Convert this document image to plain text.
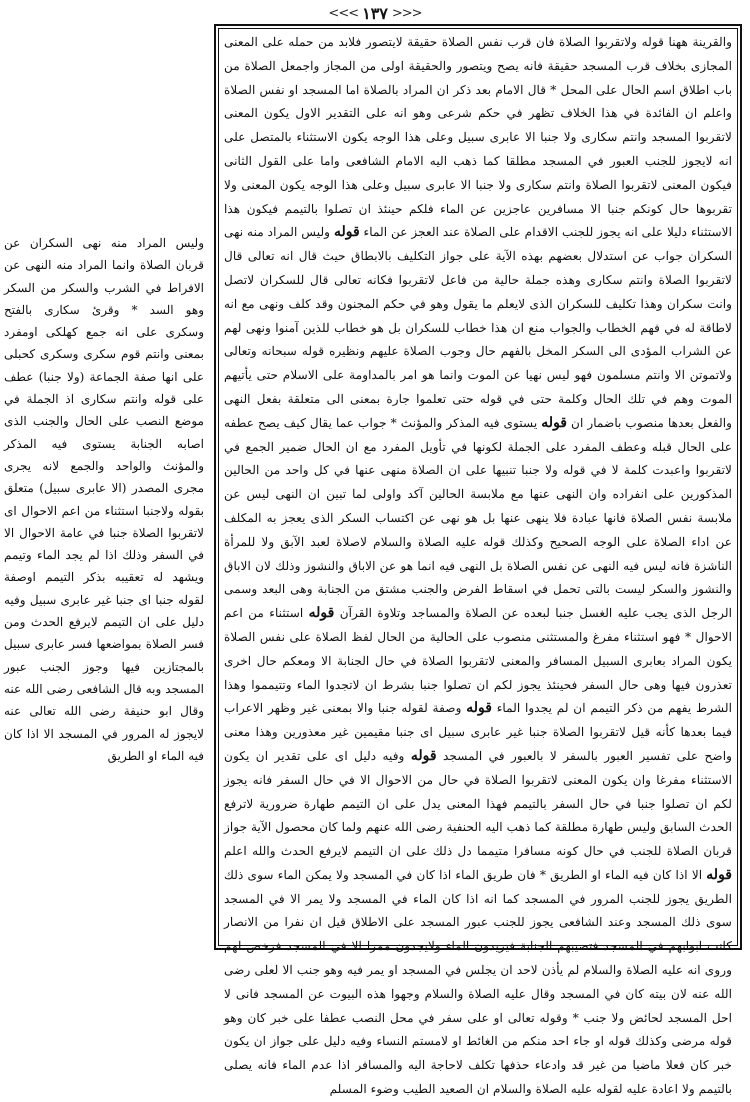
<<< ١٣٧ >>>

والقرينة ههنا قوله ولاتقربوا الصلاة فان قرب نفس الصلاة حقيقة لايتصور فلابد من حمله على المعنى المجازى بخلاف قرب المسجد حقيقة فانه يصح ويتصور والحقيقة اولى من المجاز واجمعل الصلاة من باب اطلاق اسم الحال على المحل * قال الامام بعد ذكر ان المراد بالصلاة اما المسجد او نفس الصلاة واعلم ان الفائدة في هذا الخلاف تظهر في حكم شرعى وهو انه على التقدير الاول يكون المعنى لاتقربوا المسجد وانتم سكارى ولا جنبا الا عابرى سبيل وعلى هذا الوجه يكون الاستثناء بالمتصل على انه لايجوز للجنب العبور في المسجد مطلقا كما ذهب اليه الامام الشافعى واما على القول الثانى فيكون المعنى لاتقربوا الصلاة وانتم سكارى ولا جنبا الا عابرى سبيل وعلى هذا الوجه يكون المعنى ولا تقربوها حال كونكم جنبا الا مسافرين عاجزين عن الماء فلكم حينئذ ان تصلوا بالتيمم فيكون هذا الاستثناء دليلا على انه يجوز للجنب الاقدام على الصلاة عند العجز عن الماء قوله وليس المراد منه نهى السكران جواب عن استدلال بعضهم بهذه الآية على جواز التكليف بالابطاق حيث قال انه تعالى قال لاتقربوا الصلاة وانتم سكارى وهذه جملة حالية من فاعل لاتقربوا فكانه تعالى قال للسكران لاتصل وانت سكران وهذا تكليف للسكران الذى لايعلم ما يقول وهو في حكم المجنون وقد كلف ونهى مع انه لاطاقة له في فهم الخطاب والجواب منع ان هذا خطاب للسكران بل هو خطاب للذين آمنوا ونهى لهم عن الشراب المؤدى الى السكر المخل بالفهم حال وجوب الصلاة عليهم ونظيره قوله سبحانه وتعالى ولاتموتن الا وانتم مسلمون فهو ليس نهيا عن الموت وانما هو امر بالمداومة على الاسلام حتى يأتيهم الموت وهم في تلك الحال وكلمة حتى في قوله حتى تعلموا جارة بمعنى الى متعلقة بفعل النهى والفعل بعدها منصوب باضمار ان قوله يستوى فيه المذكر والمؤنث * جواب عما يقال كيف يصح عطفه على الحال قبله وعطف المفرد على الجملة لكونها في تأويل المفرد مع ان الحال ضمير الجمع في لاتقربوا واعبدت كلمة لا في قوله ولا جنبا تنبيها على ان الصلاة منهى عنها في كل واحد من الحالين المذكورين على انفراده وان النهى عنها مع ملابسة الحالين آكد واولى لما تبين ان النهى ليس عن ملابسة نفس الصلاة فانها عبادة فلا ينهى عنها بل هو نهى عن اكتساب السكر الذى يعجز به المكلف عن اداء الصلاة على الوجه الصحيح وكذلك قوله عليه الصلاة والسلام لاصلاة لعبد الآبق ولا للمرأة الناشزة فانه ليس فيه النهى عن نفس الصلاة بل النهى فيه انما هو عن الاباق والنشوز وذلك لان الاباق والنشوز والسكر ليست بالتى تحمل في اسقاط الفرض والجنب مشتق من الجنابة وهى البعد وسمى الرجل الذى يجب عليه الغسل جنبا لبعده عن الصلاة والمساجد وتلاوة القرآن قوله استثناء من اعم الاحوال * فهو استثناء مفرغ والمستثنى منصوب على الحالية من الحال لفظ الصلاة على نفس الصلاة يكون المراد بعابرى السبيل المسافر والمعنى لاتقربوا الصلاة في حال الجنابة الا ومعكم حال اخرى تعذرون فيها وهى حال السفر فحينئذ يجوز لكم ان تصلوا جنبا بشرط ان لاتجدوا الماء وتتيمموا وهذا الشرط يفهم من ذكر التيمم ان لم يجدوا الماء قوله وصفة لقوله جنبا والا بمعنى غير وظهر الاعراب فيما بعدها كأنه قيل لاتقربوا الصلاة جنبا غير عابرى سبيل اى جنبا مقيمين غير معذورين وهذا معنى واضح على تفسير العبور بالسفر لا بالعبور في المسجد قوله وفيه دليل اى على تقدير ان يكون الاستثناء مفرغا وان يكون المعنى لاتقربوا الصلاة في حال من الاحوال الا في حال السفر فانه يجوز لكم ان تصلوا جنبا في حال السفر بالتيمم فهذا المعنى يدل على ان التيمم طهارة ضرورية لاترفع الحدث السابق وليس طهارة مطلقة كما ذهب اليه الحنفية رضى الله عنهم ولما كان محصول الآية جواز قربان الصلاة للجنب في حال كونه مسافرا متيمما دل ذلك على ان التيمم لايرفع الحدث والله اعلم قوله الا اذا كان فيه الماء او الطريق * فان طريق الماء اذا كان في المسجد ولا يمكن الماء سوى ذلك الطريق يجوز للجنب المرور في المسجد كما انه اذا كان الماء في المسجد ولا يمر الا في المسجد سوى ذلك المسجد وعند الشافعى يجوز للجنب عبور المسجد على الاطلاق قيل ان نفرا من الانصار كانت ابوابهم في المسجد فتصيبهم الجنابة فيريدون الماء ولايجدون ممرا الا في المسجد فرخص لهم وروى انه عليه الصلاة والسلام لم يأذن لاحد ان يجلس في المسجد او يمر فيه وهو جنب الا لعلى رضى الله عنه لان بيته كان في المسجد وقال عليه الصلاة والسلام وجهوا هذه البيوت عن المسجد فانى لا احل المسجد لحائض ولا جنب * وقوله تعالى او على سفر في محل النصب عطفا على خبر كان وهو قوله مرضى وكذلك قوله او جاء احد منكم من الغائط او لامستم النساء وفيه دليل على جواز ان يكون خبر كان فعلا ماضيا من غير قد وادعاء حذفها تكلف لاحاجة اليه والمسافر اذا عدم الماء فانه يصلى بالتيمم ولا اعادة عليه لقوله عليه الصلاة والسلام ان الصعيد الطيب وضوء المسلم

وليس المراد منه نهى السكران عن قربان الصلاة وانما المراد منه النهى عن الافراط في الشرب والسكر من السكر وهو السد * وقرئ سكارى بالفتح وسكرى على انه جمع كهلكى اومفرد بمعنى وانتم قوم سكرى وسكرى كحبلى على انها صفة الجماعة (ولا جنبا) عطف على قوله وانتم سكارى اذ الجملة في موضع النصب على الحال والجنب الذى اصابه الجنابة يستوى فيه المذكر والمؤنث والواحد والجمع لانه يجرى مجرى المصدر (الا عابرى سبيل) متعلق بقوله ولاجنبا استثناء من اعم الاحوال اى لاتقربوا الصلاة جنبا في عامة الاحوال الا في السفر وذلك اذا لم يجد الماء وتيمم ويشهد له تعقيبه بذكر التيمم اوصفة لقوله جنبا اى جنبا غير عابرى سبيل وفيه دليل على ان التيمم لايرفع الحدث ومن فسر الصلاة بمواضعها فسر عابرى سبيل بالمجتازين فيها وجوز الجنب عبور المسجد وبه قال الشافعى رضى الله عنه وقال ابو حنيفة رضى الله تعالى عنه لايجوز له المرور في المسجد الا اذا كان فيه الماء او الطريق
